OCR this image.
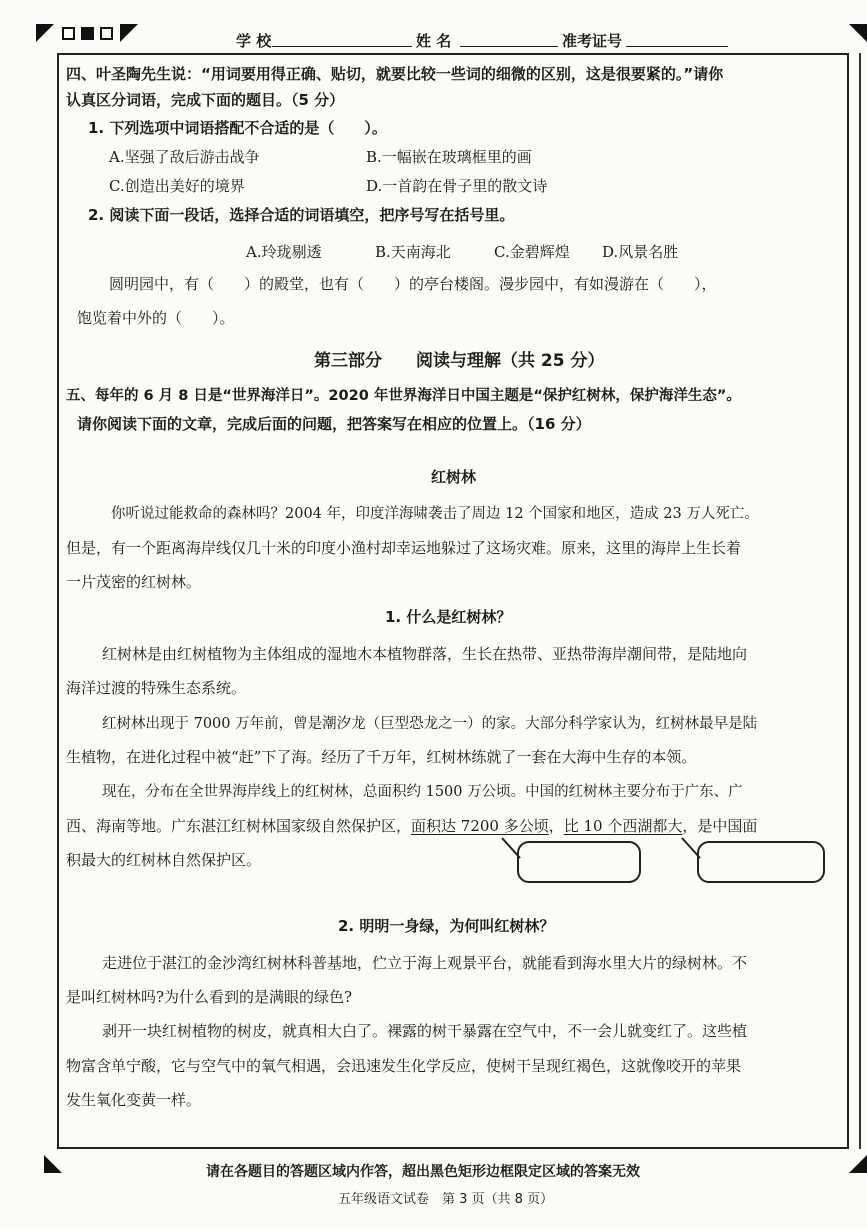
学 校	姓 名	准考证号
四、叶圣陶先生说：“用词要用得正确、贴切，就要比较一些词的细微的区别，这是很要紧的。”请你
认真区分词语，完成下面的题目。（5 分）
1. 下列选项中词语搭配不合适的是（　　）。
A.坚强了敌后游击战争	B.一幅嵌在玻璃框里的画
C.创造出美好的境界	D.一首韵在骨子里的散文诗
2. 阅读下面一段话，选择合适的词语填空，把序号写在括号里。
A.玲珑剔透	B.天南海北	C.金碧辉煌 D.风景名胜
圆明园中，有（　　）的殿堂，也有（　　）的亭台楼阁。漫步园中，有如漫游在（　　），
饱览着中外的（　　）。
第三部分　　阅读与理解（共 25 分）
五、每年的 6 月 8 日是“世界海洋日”。2020 年世界海洋日中国主题是“保护红树林，保护海洋生态”。
请你阅读下面的文章，完成后面的问题，把答案写在相应的位置上。（16 分）
红树林
你听说过能救命的森林吗？2004 年，印度洋海啸袭击了周边 12 个国家和地区，造成 23 万人死亡。
但是，有一个距离海岸线仅几十米的印度小渔村却幸运地躲过了这场灾难。原来，这里的海岸上生长着
一片茂密的红树林。
1. 什么是红树林？
红树林是由红树植物为主体组成的湿地木本植物群落，生长在热带、亚热带海岸潮间带，是陆地向
海洋过渡的特殊生态系统。
红树林出现于 7000 万年前，曾是潮汐龙（巨型恐龙之一）的家。大部分科学家认为，红树林最早是陆
生植物，在进化过程中被“赶”下了海。经历了千万年，红树林练就了一套在大海中生存的本领。
现在，分布在全世界海岸线上的红树林，总面积约 1500 万公顷。中国的红树林主要分布于广东、广
西、海南等地。广东湛江红树林国家级自然保护区，面积达 7200 多公顷，比 10 个西湖都大，是中国面
积最大的红树林自然保护区。
2. 明明一身绿，为何叫红树林？
走进位于湛江的金沙湾红树林科普基地，伫立于海上观景平台，就能看到海水里大片的绿树林。不
是叫红树林吗?为什么看到的是满眼的绿色?
剥开一块红树植物的树皮，就真相大白了。裸露的树干暴露在空气中，不一会儿就变红了。这些植
物富含单宁酸，它与空气中的氧气相遇，会迅速发生化学反应，使树干呈现红褐色，这就像咬开的苹果
发生氧化变黄一样。
请在各题目的答题区域内作答，超出黑色矩形边框限定区域的答案无效
五年级语文试卷　第 3 页（共 8 页）
